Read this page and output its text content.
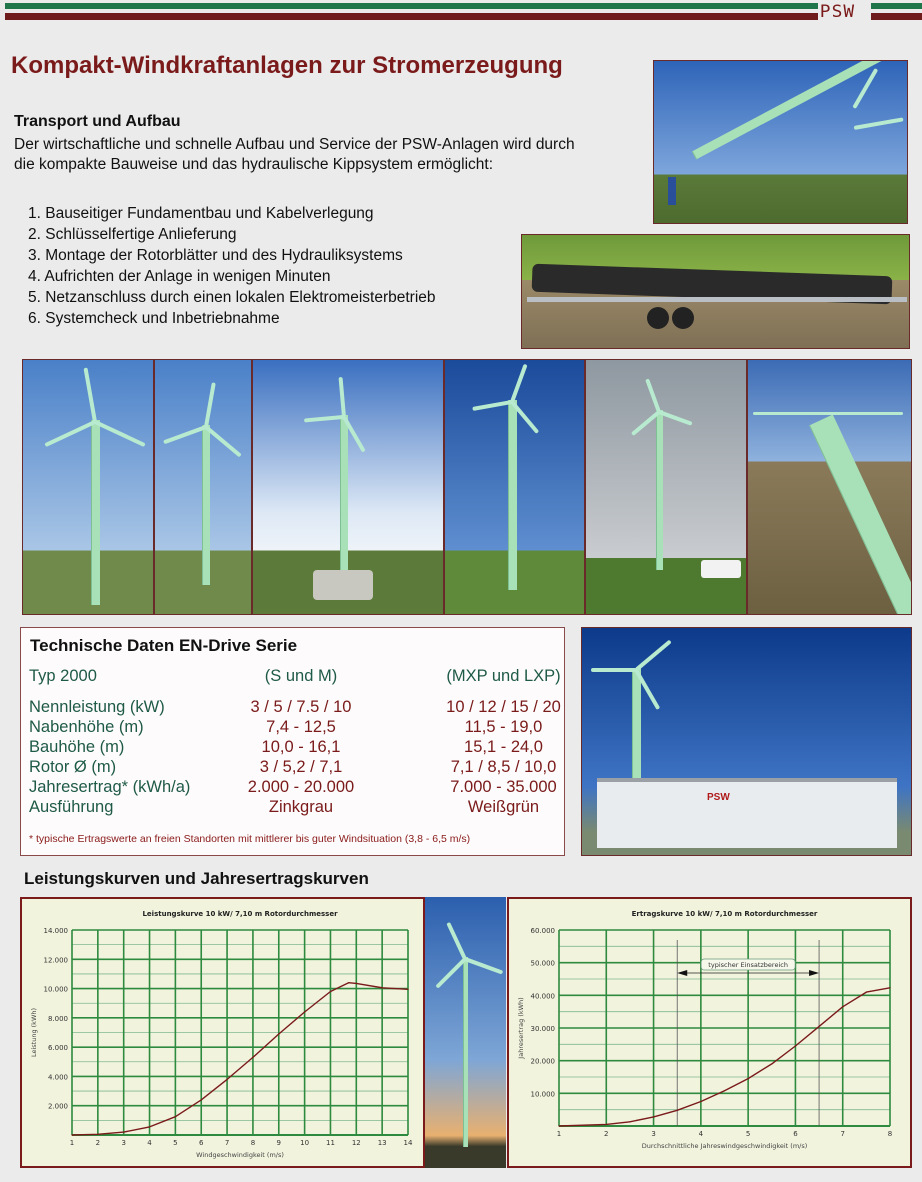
PSW
Kompakt-Windkraftanlagen zur Stromerzeugung
Transport und Aufbau
Der wirtschaftliche und schnelle Aufbau und Service der PSW-Anlagen wird durch
die kompakte Bauweise und das hydraulische Kippsystem ermöglicht:
1. Bauseitiger Fundamentbau und Kabelverlegung
2. Schlüsselfertige Anlieferung
3. Montage der Rotorblätter und des Hydrauliksystems
4. Aufrichten der Anlage in wenigen Minuten
5. Netzanschluss durch einen lokalen Elektromeisterbetrieb
6. Systemcheck und Inbetriebnahme
Technische Daten EN-Drive Serie
Typ 2000	(S und M)	(MXP und LXP)
Nennleistung (kW)	3 / 5 / 7.5 / 10	10 / 12 / 15 / 20
Nabenhöhe (m)	7,4 - 12,5	11,5 - 19,0
Bauhöhe (m)	10,0 - 16,1	15,1 - 24,0
Rotor Ø (m)	3 / 5,2 / 7,1	7,1 / 8,5 / 10,0
Jahresertrag* (kWh/a)	2.000 - 20.000	7.000 - 35.000
Ausführung	Zinkgrau	Weißgrün
* typische Ertragswerte an freien Standorten mit mittlerer bis guter Windsituation (3,8 - 6,5 m/s)
PSW
Leistungskurven und Jahresertragskurven
Leistungskurve 10 kW/ 7,10 m Rotordurchmesser
2.000
4.000
6.000
8.000
10.000
12.000
14.000
1	2	3	4	5	6	7	8	9	10 11 12 13 14
Windgeschwindigkeit (m/s)
Leistung (kWh)
Ertragskurve 10 kW/ 7,10 m Rotordurchmesser
10.000
20.000
30.000
40.000
50.000
60.000
1	2	3	4	5	6	7	8
Durchschnittliche Jahreswindgeschwindigkeit (m/s)
Jahresertrag (kWh)
typischer Einsatzbereich
